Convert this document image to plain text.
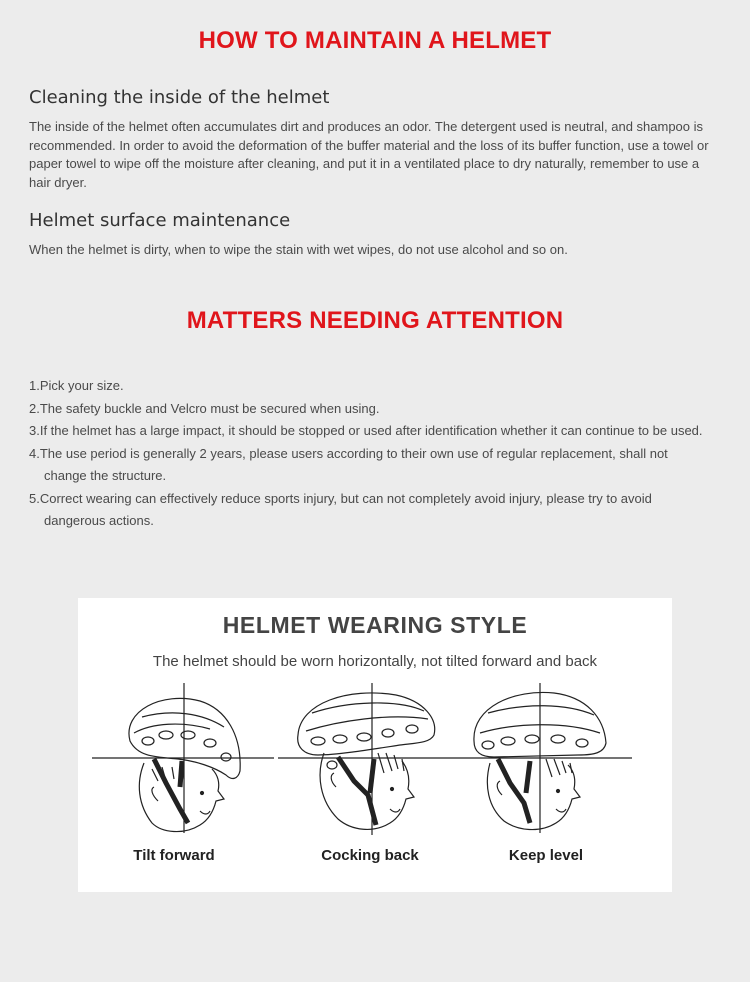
HOW TO MAINTAIN A HELMET
Cleaning the inside of the helmet
The inside of the helmet often accumulates dirt and produces an odor. The detergent used is neutral, and shampoo is recommended. In order to avoid the deformation of the buffer material and the loss of its buffer function, use a towel or paper towel to wipe off the moisture after cleaning, and put it in a ventilated place to dry naturally, remember to use a hair dryer.
Helmet surface maintenance
When the helmet is dirty, when to wipe the stain with wet wipes, do not use alcohol and so on.
MATTERS NEEDING ATTENTION
1.Pick your size.
2.The safety buckle and Velcro must be secured when using.
3.If the helmet has a large impact, it should be stopped or used after identification whether it can continue to be used.
4.The use period is generally 2 years, please users according to their own use of regular replacement, shall not change the structure.
5.Correct wearing can effectively reduce sports injury, but can not completely avoid injury, please try to avoid dangerous actions.
HELMET WEARING STYLE
The helmet should be worn horizontally, not tilted forward and back
Tilt forward	Cocking back	Keep level
